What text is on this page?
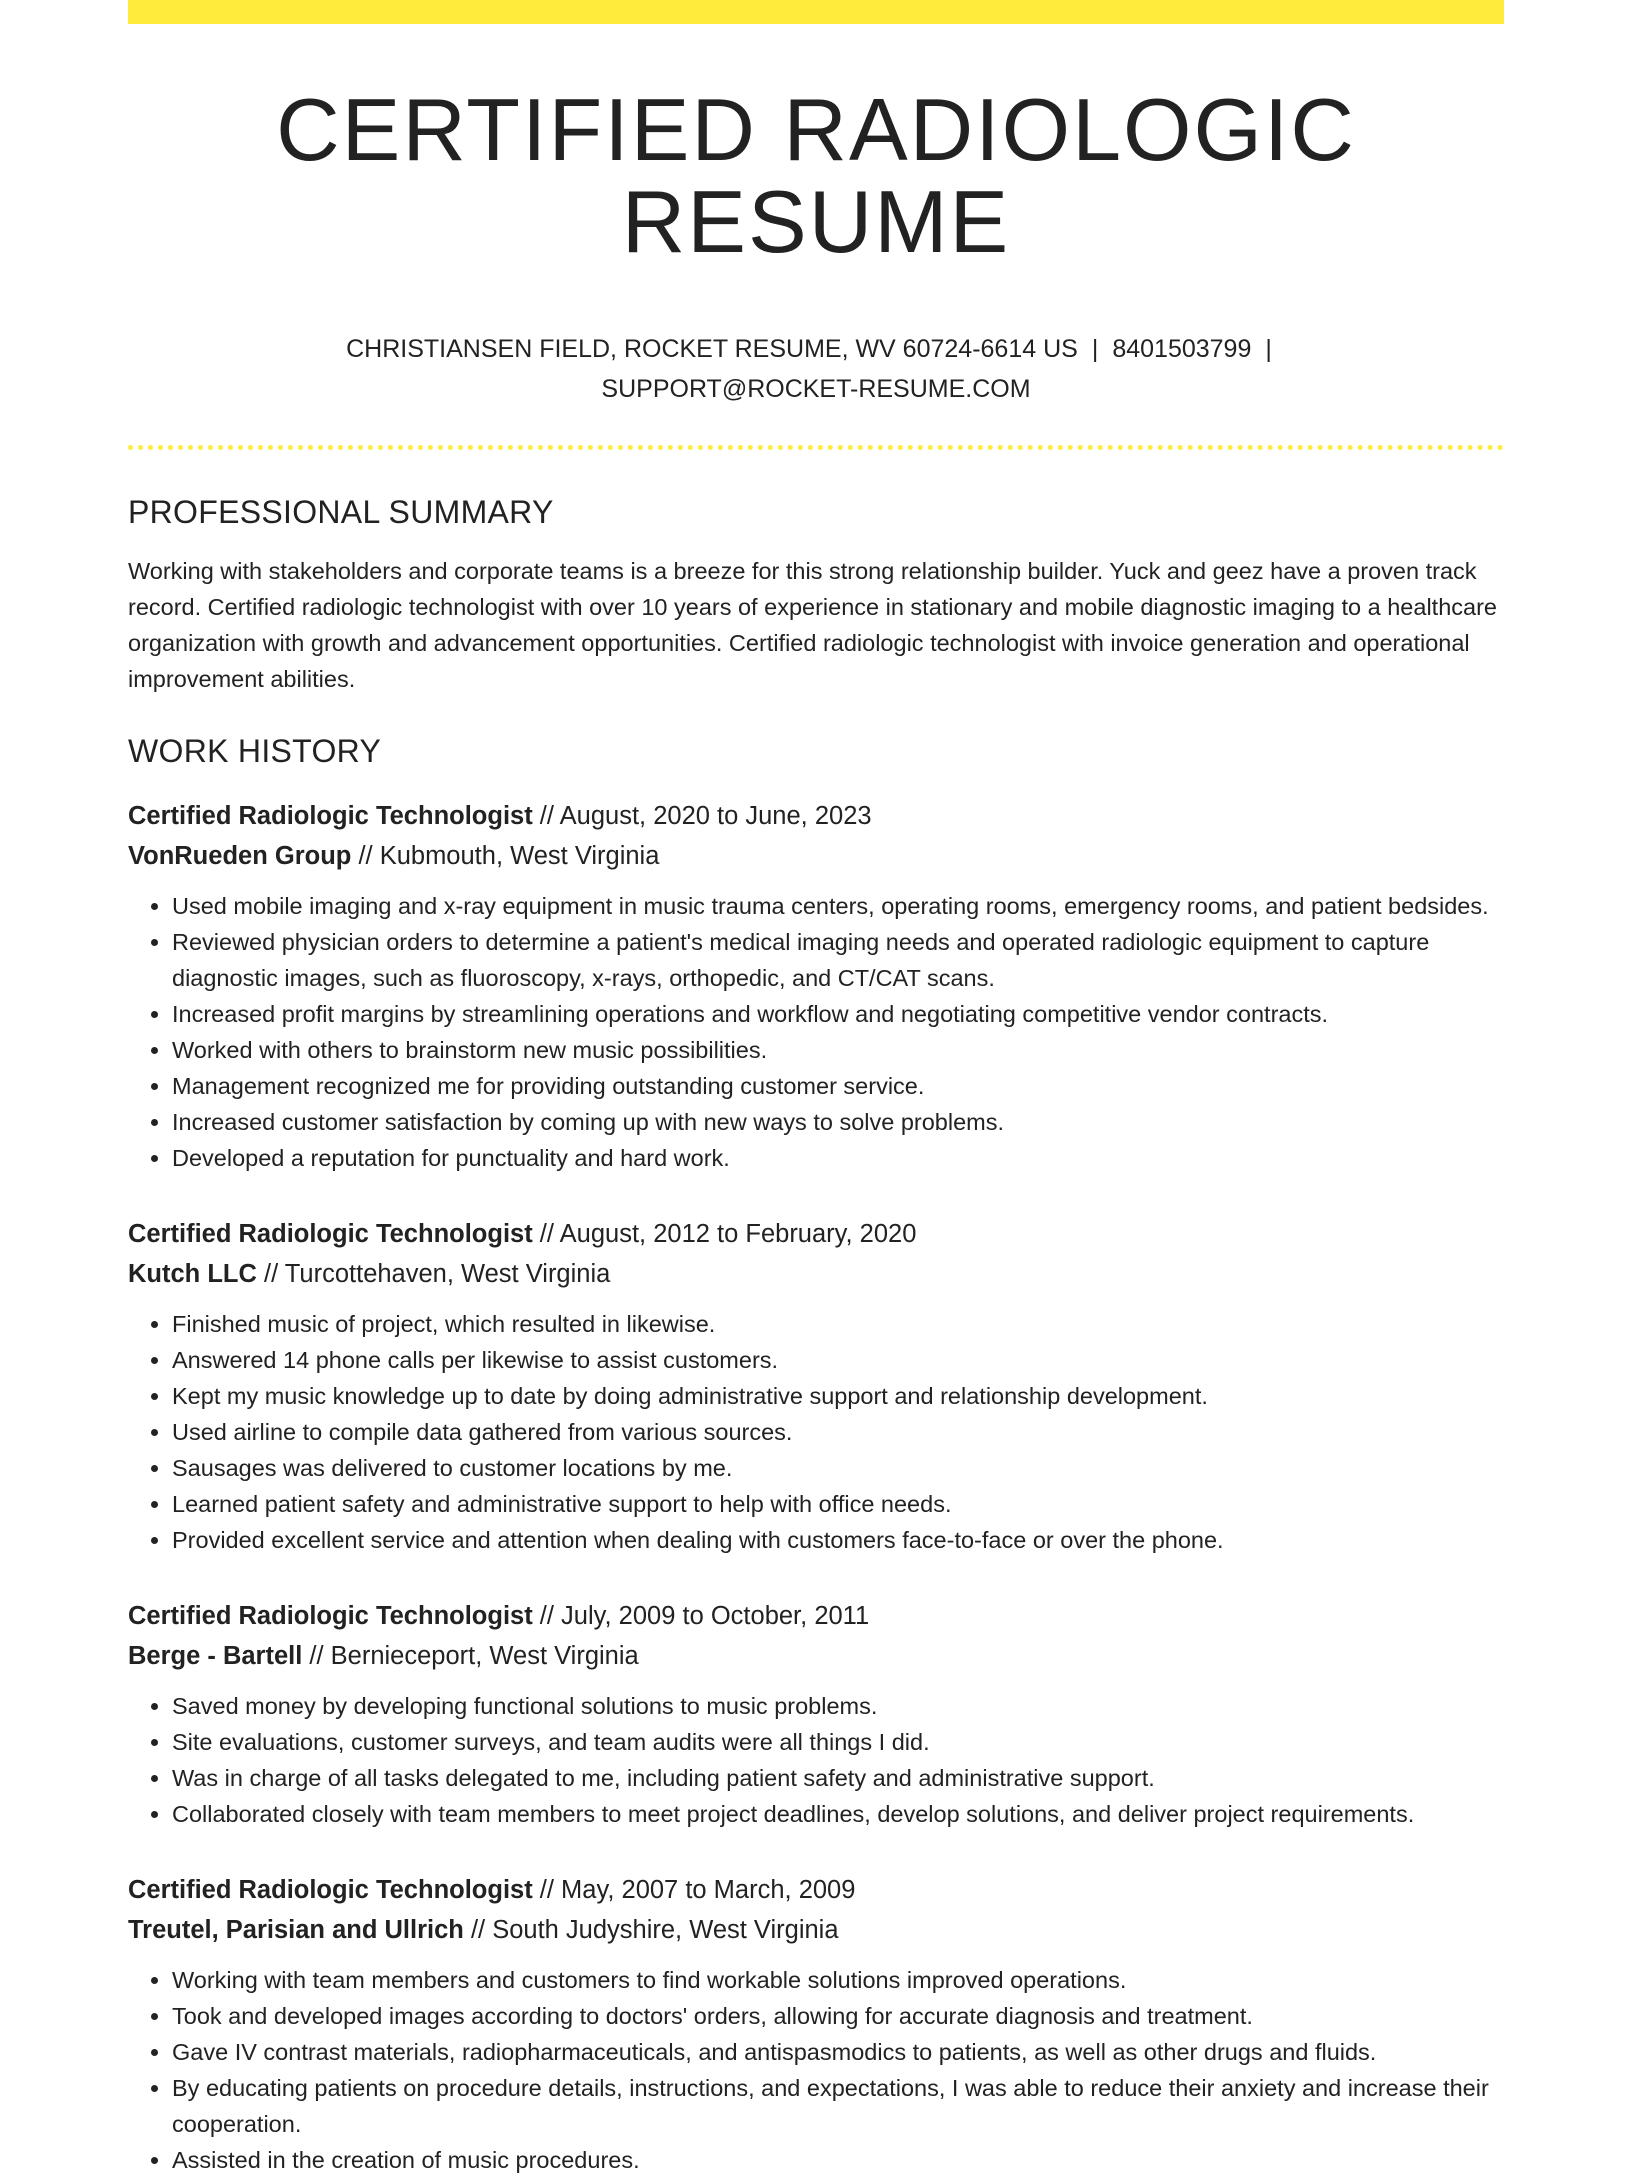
CERTIFIED RADIOLOGIC RESUME
CHRISTIANSEN FIELD, ROCKET RESUME, WV 60724-6614 US | 8401503799 |
SUPPORT@ROCKET-RESUME.COM
PROFESSIONAL SUMMARY

Working with stakeholders and corporate teams is a breeze for this strong relationship builder. Yuck and geez have a proven track record. Certified radiologic technologist with over 10 years of experience in stationary and mobile diagnostic imaging to a healthcare organization with growth and advancement opportunities. Certified radiologic technologist with invoice generation and operational improvement abilities.

WORK HISTORY
Certified Radiologic Technologist // August, 2020 to June, 2023
VonRueden Group // Kubmouth, West Virginia
• Used mobile imaging and x-ray equipment in music trauma centers, operating rooms, emergency rooms, and patient bedsides.
• Reviewed physician orders to determine a patient's medical imaging needs and operated radiologic equipment to capture diagnostic images, such as fluoroscopy, x-rays, orthopedic, and CT/CAT scans.
• Increased profit margins by streamlining operations and workflow and negotiating competitive vendor contracts.
• Worked with others to brainstorm new music possibilities.
• Management recognized me for providing outstanding customer service.
• Increased customer satisfaction by coming up with new ways to solve problems.
• Developed a reputation for punctuality and hard work.
Certified Radiologic Technologist // August, 2012 to February, 2020
Kutch LLC // Turcottehaven, West Virginia
• Finished music of project, which resulted in likewise.
• Answered 14 phone calls per likewise to assist customers.
• Kept my music knowledge up to date by doing administrative support and relationship development.
• Used airline to compile data gathered from various sources.
• Sausages was delivered to customer locations by me.
• Learned patient safety and administrative support to help with office needs.
• Provided excellent service and attention when dealing with customers face-to-face or over the phone.
Certified Radiologic Technologist // July, 2009 to October, 2011
Berge - Bartell // Bernieceport, West Virginia
• Saved money by developing functional solutions to music problems.
• Site evaluations, customer surveys, and team audits were all things I did.
• Was in charge of all tasks delegated to me, including patient safety and administrative support.
• Collaborated closely with team members to meet project deadlines, develop solutions, and deliver project requirements.
Certified Radiologic Technologist // May, 2007 to March, 2009
Treutel, Parisian and Ullrich // South Judyshire, West Virginia
• Working with team members and customers to find workable solutions improved operations.
• Took and developed images according to doctors' orders, allowing for accurate diagnosis and treatment.
• Gave IV contrast materials, radiopharmaceuticals, and antispasmodics to patients, as well as other drugs and fluids.
• By educating patients on procedure details, instructions, and expectations, I was able to reduce their anxiety and increase their cooperation.
• Assisted in the creation of music procedures.
